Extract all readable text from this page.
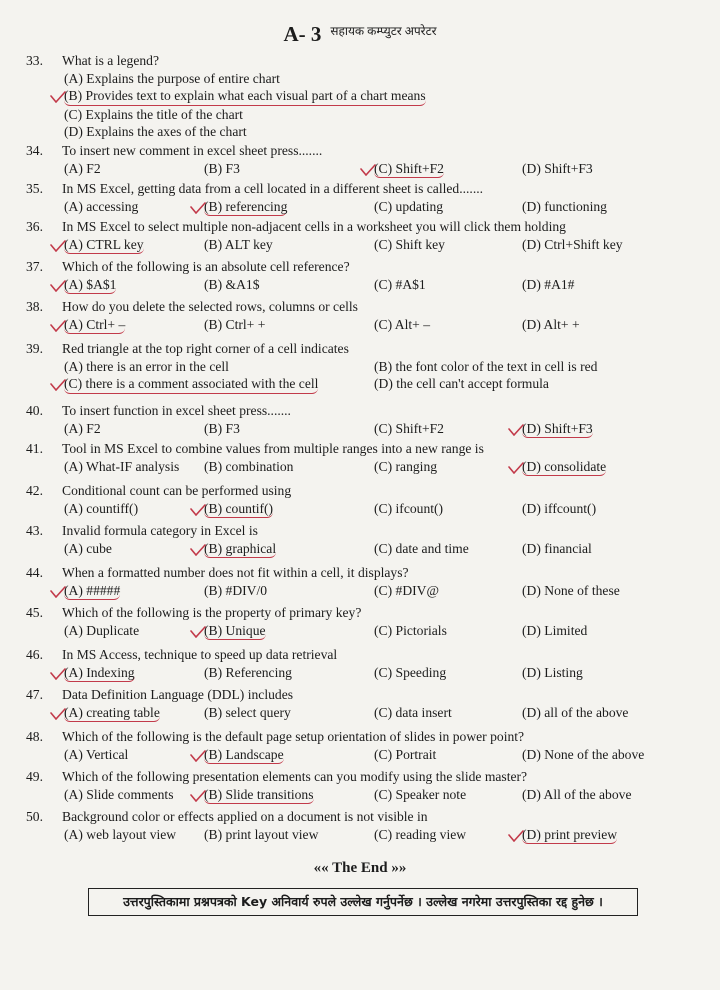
A- 3 $^{सहायक कम्प्युटर अपरेटर}$
33.	What is a legend?
(A) Explains the purpose of entire chart
(B) Provides text to explain what each visual part of a chart means
(C) Explains the title of the chart
(D) Explains the axes of the chart
34.	To insert new comment in excel sheet press.......
(A) F2	(B) F3	(C) Shift+F2	(D) Shift+F3
35.	In MS Excel, getting data from a cell located in a different sheet is called.......
(A) accessing	(B) referencing	(C) updating	(D) functioning
36.	In MS Excel to select multiple non-adjacent cells in a worksheet you will click them holding
(A) CTRL key	(B) ALT key	(C) Shift key	(D) Ctrl+Shift key
37.	Which of the following is an absolute cell reference?
(A) $A$1	(B) &A1$	(C) #A$1	(D) #A1#
38.	How do you delete the selected rows, columns or cells
(A) Ctrl+ –	(B) Ctrl+ +	(C) Alt+ –	(D) Alt+ +
39.	Red triangle at the top right corner of a cell indicates
(A) there is an error in the cell	(B) the font color of the text in cell is red
(C) there is a comment associated with the cell	(D) the cell can't accept formula
40.	To insert function in excel sheet press.......
(A) F2	(B) F3	(C) Shift+F2	(D) Shift+F3
41.	Tool in MS Excel to combine values from multiple ranges into a new range is
(A) What-IF analysis (B) combination	(C) ranging	(D) consolidate
42.	Conditional count can be performed using
(A) countiff()	(B) countif()	(C) ifcount()	(D) iffcount()
43.	Invalid formula category in Excel is
(A) cube	(B) graphical	(C) date and time	(D) financial
44.	When a formatted number does not fit within a cell, it displays?
(A) #####	(B) #DIV/0	(C) #DIV@	(D) None of these
45.	Which of the following is the property of primary key?
(A) Duplicate	(B) Unique	(C) Pictorials	(D) Limited
46.	In MS Access, technique to speed up data retrieval
(A) Indexing	(B) Referencing	(C) Speeding	(D) Listing
47.	Data Definition Language (DDL) includes
(A) creating table	(B) select query	(C) data insert	(D) all of the above
48.	Which of the following is the default page setup orientation of slides in power point?
(A) Vertical	(B) Landscape	(C) Portrait	(D) None of the above
49.	Which of the following presentation elements can you modify using the slide master?
(A) Slide comments (B) Slide transitions	(C) Speaker note	(D) All of the above
50.	Background color or effects applied on a document is not visible in
(A) web layout view (B) print layout view	(C) reading view	(D) print preview
«« The End »»
उत्तरपुस्तिकामा प्रश्नपत्रको Key अनिवार्य रुपले उल्लेख गर्नुपर्नेछ । उल्लेख नगरेमा उत्तरपुस्तिका रद्द हुनेछ ।
